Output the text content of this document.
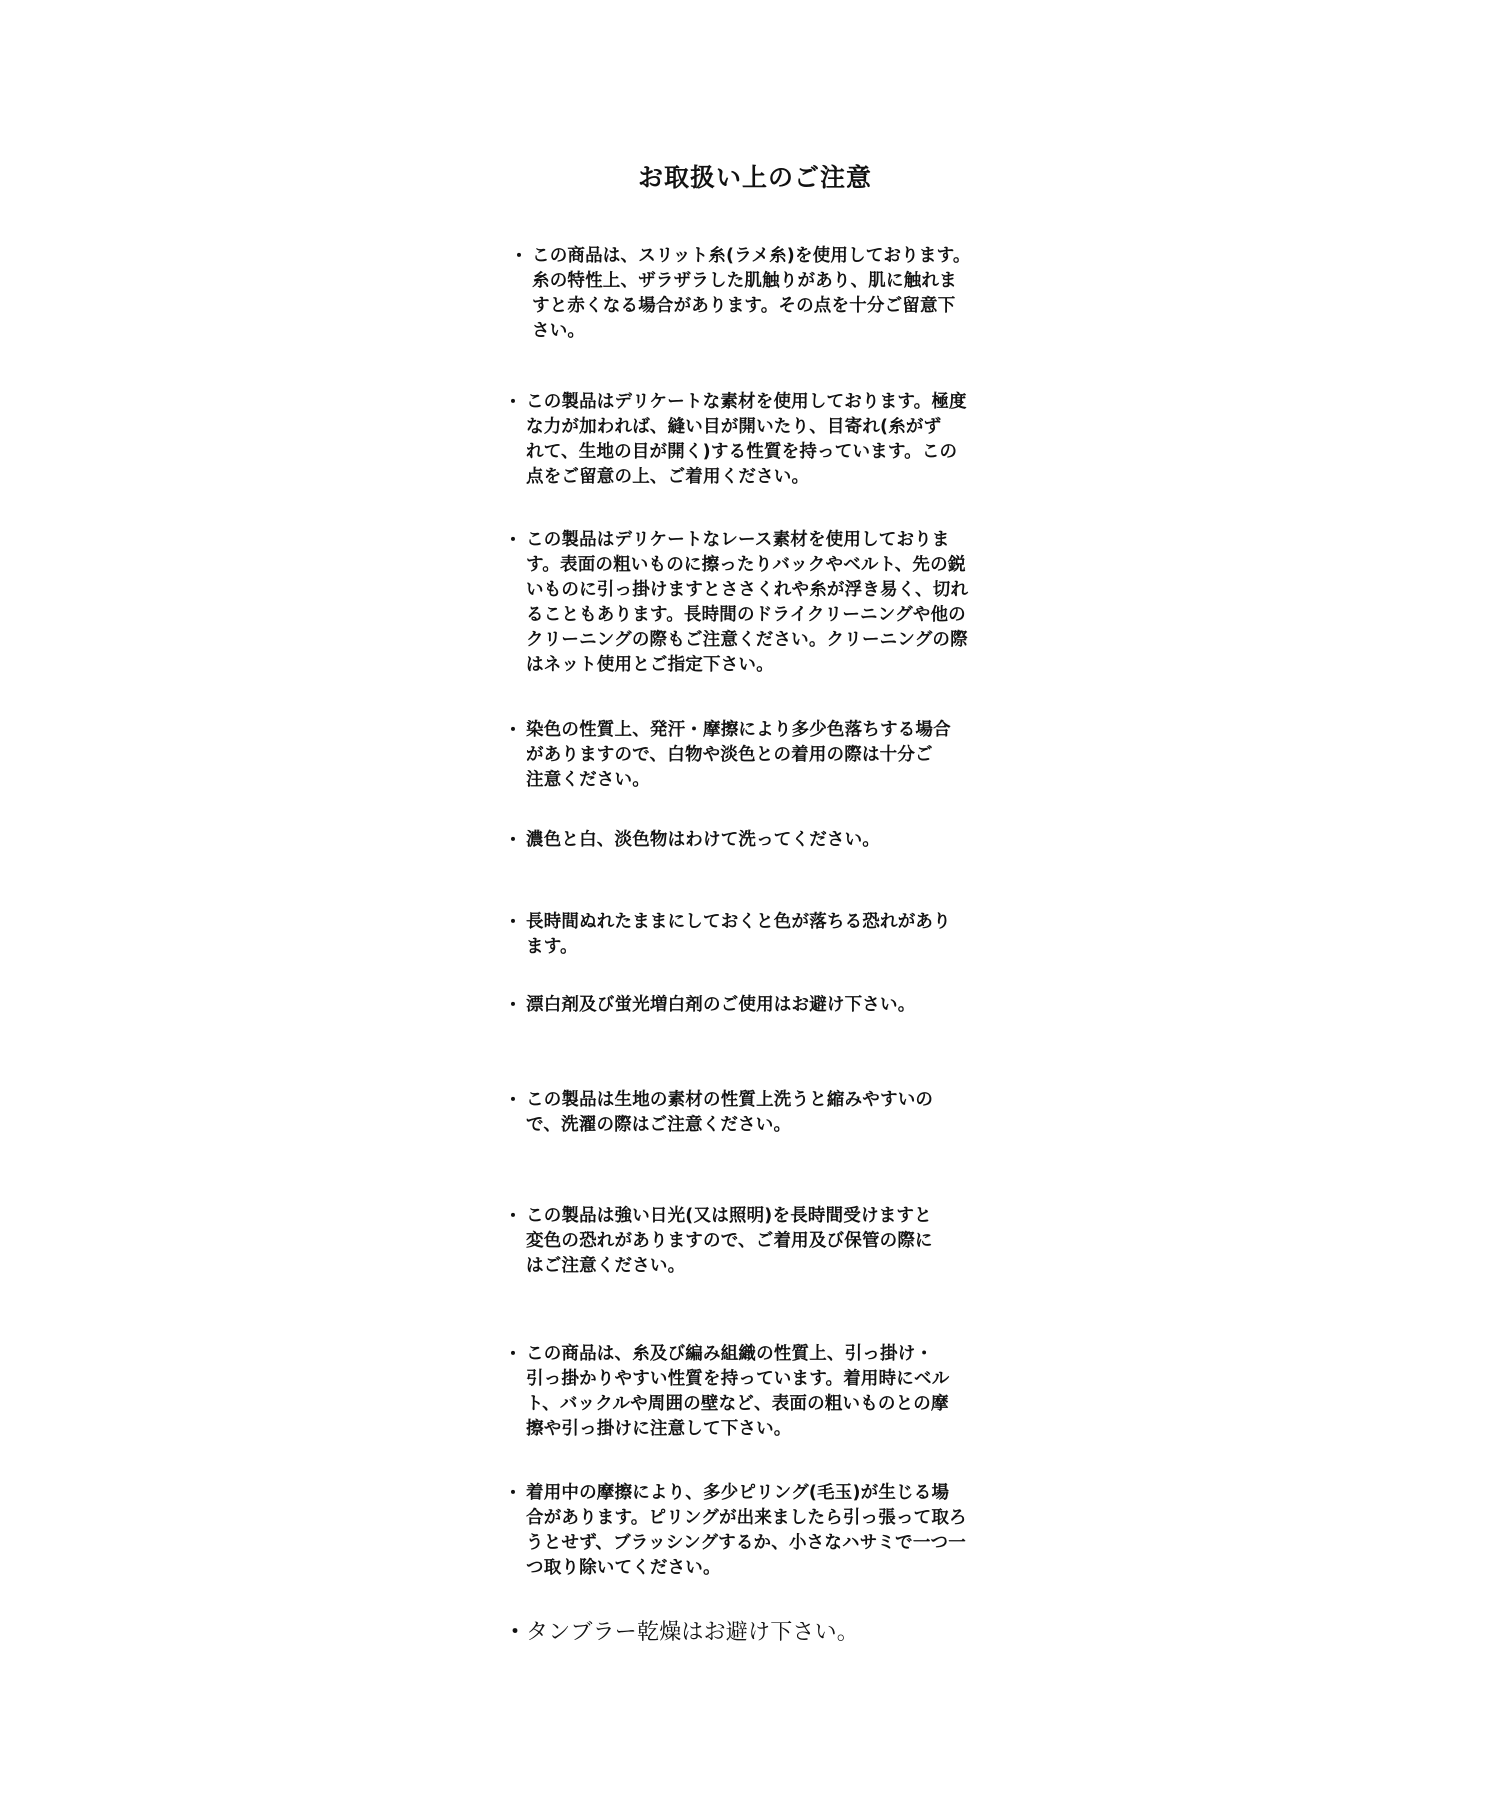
お取扱い上のご注意
・ この商品は、スリット糸(ラメ糸)を使用しております。
糸の特性上、ザラザラした肌触りがあり、肌に触れま
すと赤くなる場合があります。その点を十分ご留意下
さい。
・ この製品はデリケートな素材を使用しております。極度
な力が加われば、縫い目が開いたり、目寄れ(糸がず
れて、生地の目が開く)する性質を持っています。この
点をご留意の上、ご着用ください。
・ この製品はデリケートなレース素材を使用しておりま
す。表面の粗いものに擦ったりバックやベルト、先の鋭
いものに引っ掛けますとささくれや糸が浮き易く、切れ
ることもあります。長時間のドライクリーニングや他の
クリーニングの際もご注意ください。クリーニングの際
はネット使用とご指定下さい。
・ 染色の性質上、発汗・摩擦により多少色落ちする場合
がありますので、白物や淡色との着用の際は十分ご
注意ください。
・ 濃色と白、淡色物はわけて洗ってください。
・ 長時間ぬれたままにしておくと色が落ちる恐れがあり
ます。
・ 漂白剤及び蛍光増白剤のご使用はお避け下さい。
・ この製品は生地の素材の性質上洗うと縮みやすいの
で、洗濯の際はご注意ください。
・ この製品は強い日光(又は照明)を長時間受けますと
変色の恐れがありますので、ご着用及び保管の際に
はご注意ください。
・ この商品は、糸及び編み組織の性質上、引っ掛け・
引っ掛かりやすい性質を持っています。着用時にベル
ト、バックルや周囲の壁など、表面の粗いものとの摩
擦や引っ掛けに注意して下さい。
・ 着用中の摩擦により、多少ピリング(毛玉)が生じる場
合があります。ピリングが出来ましたら引っ張って取ろ
うとせず、ブラッシングするか、小さなハサミで一つ一
つ取り除いてください。
・ タンブラー乾燥はお避け下さい。
